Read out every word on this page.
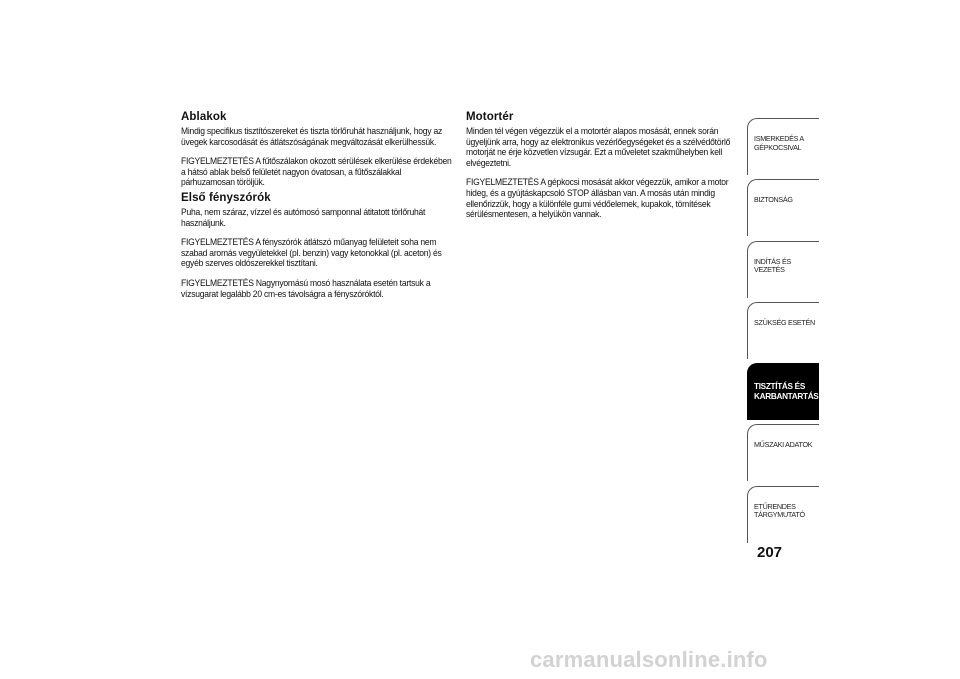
Ablakok
Mindig specifikus tisztítószereket és tiszta törlőruhát használjunk, hogy az üvegek karcosodását és átlátszóságának megváltozását elkerülhessük.
FIGYELMEZTETÉS A fűtőszálakon okozott sérülések elkerülése érdekében a hátsó ablak belső felületét nagyon óvatosan, a fűtőszálakkal párhuzamosan töröljük.
Első fényszórók
Puha, nem száraz, vízzel és autómosó samponnal átitatott törlőruhát használjunk.
FIGYELMEZTETÉS A fényszórók átlátszó műanyag felületeit soha nem szabad aromás vegyületekkel (pl. benzin) vagy ketonokkal (pl. aceton) és egyéb szerves oldószerekkel tisztítani.
FIGYELMEZTETÉS Nagynyomású mosó használata esetén tartsuk a vízsugarat legalább 20 cm-es távolságra a fényszóróktól.
Motortér
Minden tél végen végezzük el a motortér alapos mosását, ennek során ügyeljünk arra, hogy az elektronikus vezérlőegységeket és a szélvédőtörlő motorját ne érje közvetlen vízsugár. Ezt a műveletet szakműhelyben kell elvégeztetni.
FIGYELMEZTETÉS A gépkocsi mosását akkor végezzük, amikor a motor hideg, és a gyújtáskapcsoló STOP állásban van. A mosás után mindig ellenőrizzük, hogy a különféle gumi védőelemek, kupakok, tömítések sérülésmentesen, a helyükön vannak.
ISMERKEDÉS A
GÉPKOCSIVAL
BIZTONSÁG
INDÍTÁS ÉS VEZETÉS
SZÜKSÉG ESETÉN
TISZTÍTÁS ÉS
KARBANTARTÁS
MŰSZAKI ADATOK
ETŰRENDES
TÁRGYMUTATÓ
207
carmanualsonline.info
